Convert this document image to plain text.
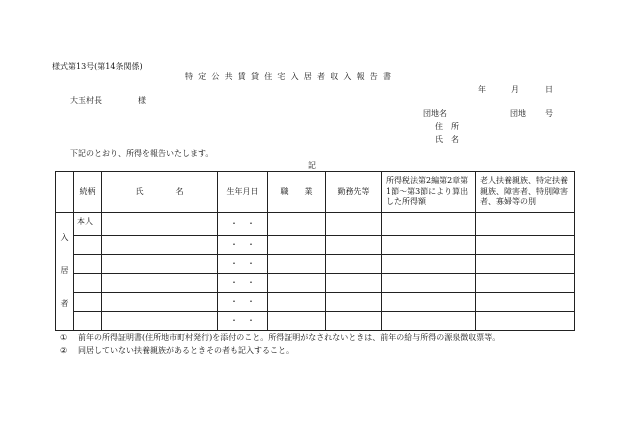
様式第13号(第14条関係)
特定公共賃貸住宅入居者収入報告書
年	月	日
大玉村長	様
団地名	団地 号
住　所
氏　名
下記のとおり、所得を報告いたします。
記
	続柄	氏　　　　名	生年月日	職　　業	勤務先等	所得税法第2編第2章第1節～第3節により算出した所得額	老人扶養親族、特定扶養親族、障害者、特別障害者、寡婦等の別

入
居
者	本人		・・				
			・・				
			・・				
			・・				
			・・				
			・・				
① 前年の所得証明書(住所地市町村発行)を添付のこと。所得証明がなされないときは、前年の給与所得の源泉徴収票等。
② 同居していない扶養親族があるときその者も記入すること。
